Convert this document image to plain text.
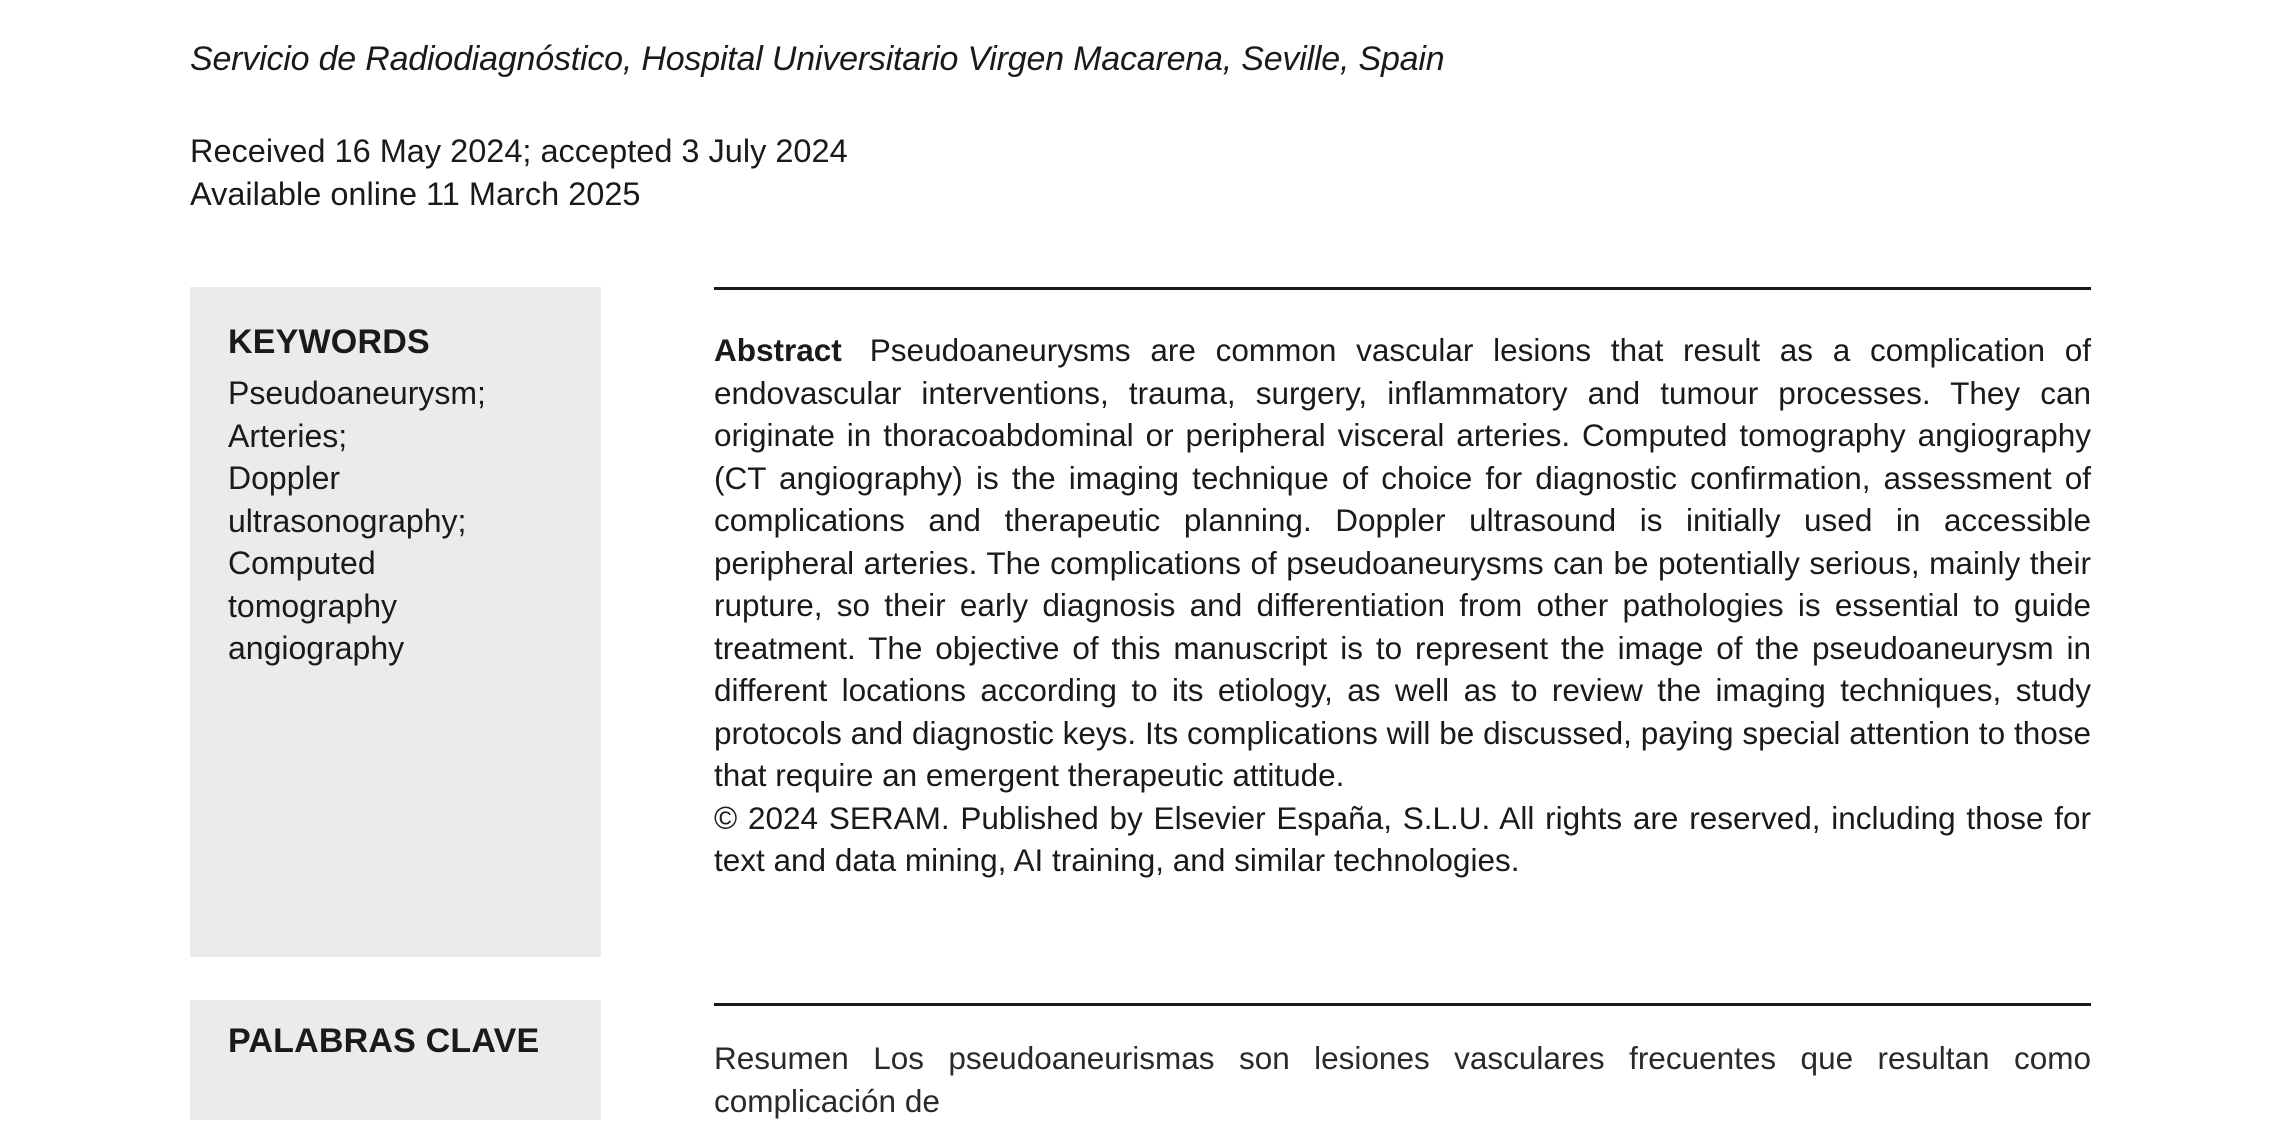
Servicio de Radiodiagnóstico, Hospital Universitario Virgen Macarena, Seville, Spain

Received 16 May 2024; accepted 3 July 2024
Available online 11 March 2025
KEYWORDS
Pseudoaneurysm;
Arteries;
Doppler
ultrasonography;
Computed
tomography
angiography

Abstract Pseudoaneurysms are common vascular lesions that result as a complication of endovascular interventions, trauma, surgery, inflammatory and tumour processes. They can originate in thoracoabdominal or peripheral visceral arteries. Computed tomography angiography (CT angiography) is the imaging technique of choice for diagnostic confirmation, assessment of complications and therapeutic planning. Doppler ultrasound is initially used in accessible peripheral arteries. The complications of pseudoaneurysms can be potentially serious, mainly their rupture, so their early diagnosis and differentiation from other pathologies is essential to guide treatment. The objective of this manuscript is to represent the image of the pseudoaneurysm in different locations according to its etiology, as well as to review the imaging techniques, study protocols and diagnostic keys. Its complications will be discussed, paying special attention to those that require an emergent therapeutic attitude.

© 2024 SERAM. Published by Elsevier España, S.L.U. All rights are reserved, including those for text and data mining, AI training, and similar technologies.

PALABRAS CLAVE	Resumen Los pseudoaneurismas son lesiones vasculares frecuentes que resultan como complicación de
